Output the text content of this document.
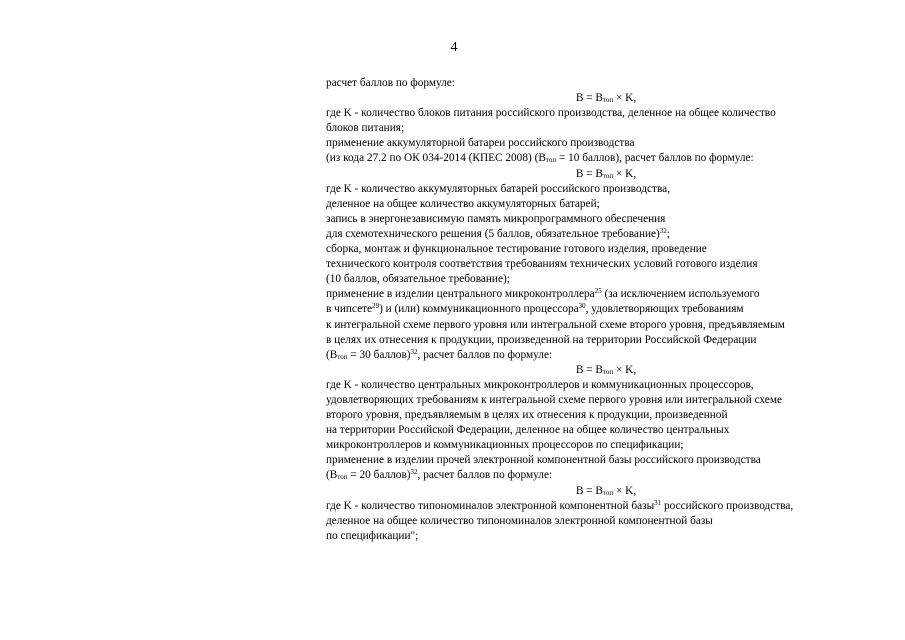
4
расчет баллов по формуле:
$В = В_{топ} \times K$,
где K - количество блоков питания российского производства, деленное на общее количество
блоков питания;
применение аккумуляторной батареи российского производства
(из кода 27.2 по ОК 034-2014 (КПЕС 2008) ($В_{топ} = 10$ баллов), расчет баллов по формуле:
$В = В_{топ} \times K$,
где K - количество аккумуляторных батарей российского производства,
деленное на общее количество аккумуляторных батарей;
запись в энергонезависимую память микропрограммного обеспечения
для схемотехнического решения (5 баллов, обязательное требование)$^{32}$;
сборка, монтаж и функциональное тестирование готового изделия, проведение
технического контроля соответствия требованиям технических условий готового изделия
(10 баллов, обязательное требование);
применение в изделии центрального микроконтроллера$^{25}$ (за исключением используемого
в чипсете$^{29}$) и (или) коммуникационного процессора$^{30}$, удовлетворяющих требованиям
к интегральной схеме первого уровня или интегральной схеме второго уровня, предъявляемым
в целях их отнесения к продукции, произведенной на территории Российской Федерации
($В_{топ} = 30$ баллов)$^{32}$, расчет баллов по формуле:
$В = В_{топ} \times K$,
где K - количество центральных микроконтроллеров и коммуникационных процессоров,
удовлетворяющих требованиям к интегральной схеме первого уровня или интегральной схеме
второго уровня, предъявляемым в целях их отнесения к продукции, произведенной
на территории Российской Федерации, деленное на общее количество центральных
микроконтроллеров и коммуникационных процессоров по спецификации;
применение в изделии прочей электронной компонентной базы российского производства
($В_{топ} = 20$ баллов)$^{32}$, расчет баллов по формуле:
$В = В_{топ} \times K$,
где K - количество типономиналов электронной компонентной базы$^{31}$ российского производства,
деленное на общее количество типономиналов электронной компонентной базы
по спецификации";
